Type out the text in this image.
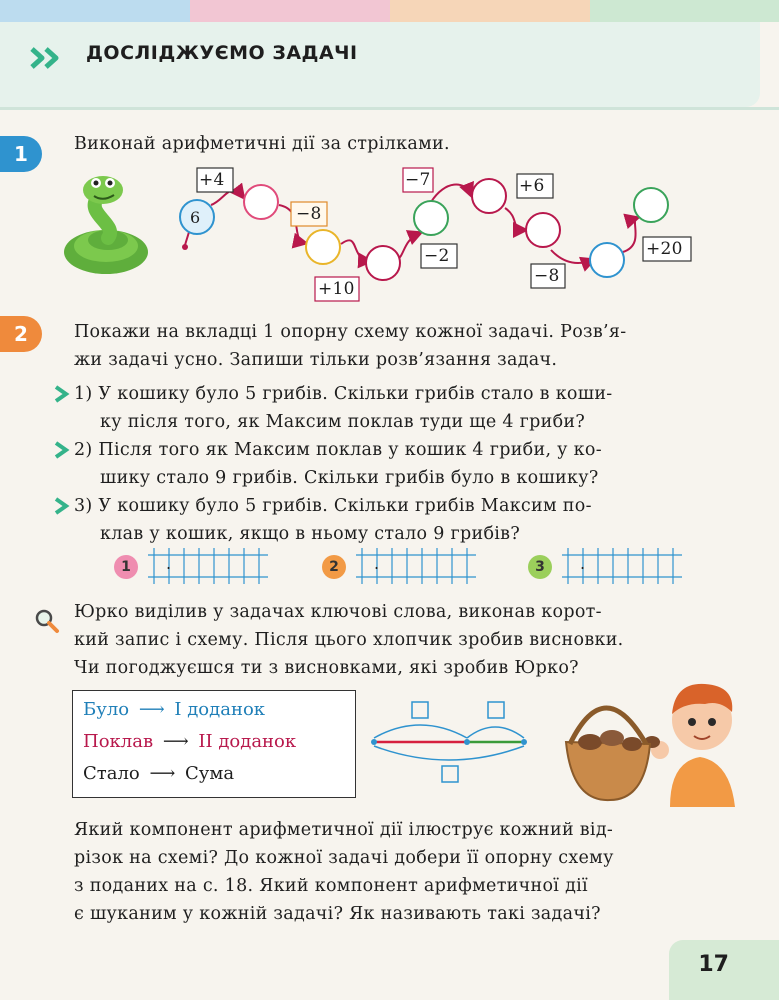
ДОСЛІДЖУЄМО ЗАДАЧІ
1	Виконай арифметичні дії за стрілками.
6
+4
−8
+10
−2
−7	+6
−8
+20
2	Покажи на вкладці 1 опорну схему кожної задачі. Розв’я-
жи задачі усно. Запиши тільки розв’язання задач.
1) У кошику було 5 грибів. Скільки грибів стало в коши-
ку після того, як Максим поклав туди ще 4 гриби?
2) Після того як Максим поклав у кошик 4 гриби, у ко-
шику стало 9 грибів. Скільки грибів було в кошику?
3) У кошику було 5 грибів. Скільки грибів Максим по-
клав у кошик, якщо в ньому стало 9 грибів?
1	.	2	.	3	.
Юрко виділив у задачах ключові слова, виконав корот-
кий запис і схему. Після цього хлопчик зробив висновки.
Чи погоджуєшся ти з висновками, які зробив Юрко?
Було ⟶ I доданок
Поклав ⟶ II доданок
Стало ⟶ Сума
Який компонент арифметичної дії ілюструє кожний від-
різок на схемі? До кожної задачі добери її опорну схему
з поданих на с. 18. Який компонент арифметичної дії
є шуканим у кожній задачі? Як називають такі задачі?
17
